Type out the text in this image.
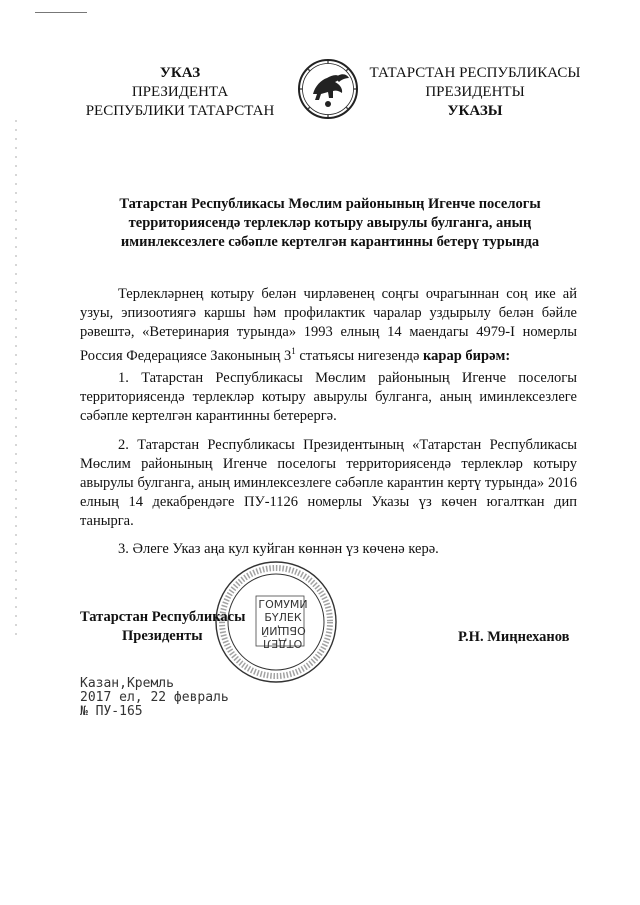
УКАЗ
ПРЕЗИДЕНТА
РЕСПУБЛИКИ ТАТАРСТАН
ТАТАРСТАН РЕСПУБЛИКАСЫ
ПРЕЗИДЕНТЫ
УКАЗЫ
Татарстан Республикасы Мөслим районының Игенче поселогы
территориясендә терлекләр котыру авырулы булганга, аның
иминлексезлеге сәбәпле кертелгән карантинны бетерү турында
Терлекләрнең котыру белән чирләвенең соңгы очрагыннан соң ике ай узуы, эпизоотиягә каршы һәм профилактик чаралар уздырылу белән бәйле рәвештә, «Ветеринария турында» 1993 елның 14 маендагы 4979-I номерлы Россия Федерациясе Законының $3^1$ статьясы нигезендә карар бирәм:
1. Татарстан Республикасы Мөслим районының Игенче поселогы территориясендә терлекләр котыру авырулы булганга, аның иминлексезлеге сәбәпле кертелгән карантинны бетерергә.
2. Татарстан Республикасы Президентының «Татарстан Республикасы Мөслим районының Игенче поселогы территориясендә терлекләр котыру авырулы булганга, аның иминлексезлеге сәбәпле карантин кертү турында» 2016 елның 14 декабрендәге ПУ-1126 номерлы Указы үз көчен югалткан дип танырга.
3. Әлеге Указ аңа кул куйган көннән үз көченә керә.
ГОМУМИ
БҮЛЕК
ОБЩИЙ
ОТДЕЛ
Татарстан Республикасы
Президенты	Р.Н. Миңнеханов
Казан,Кремль
2017 ел, 22 февраль
№ ПУ-165
